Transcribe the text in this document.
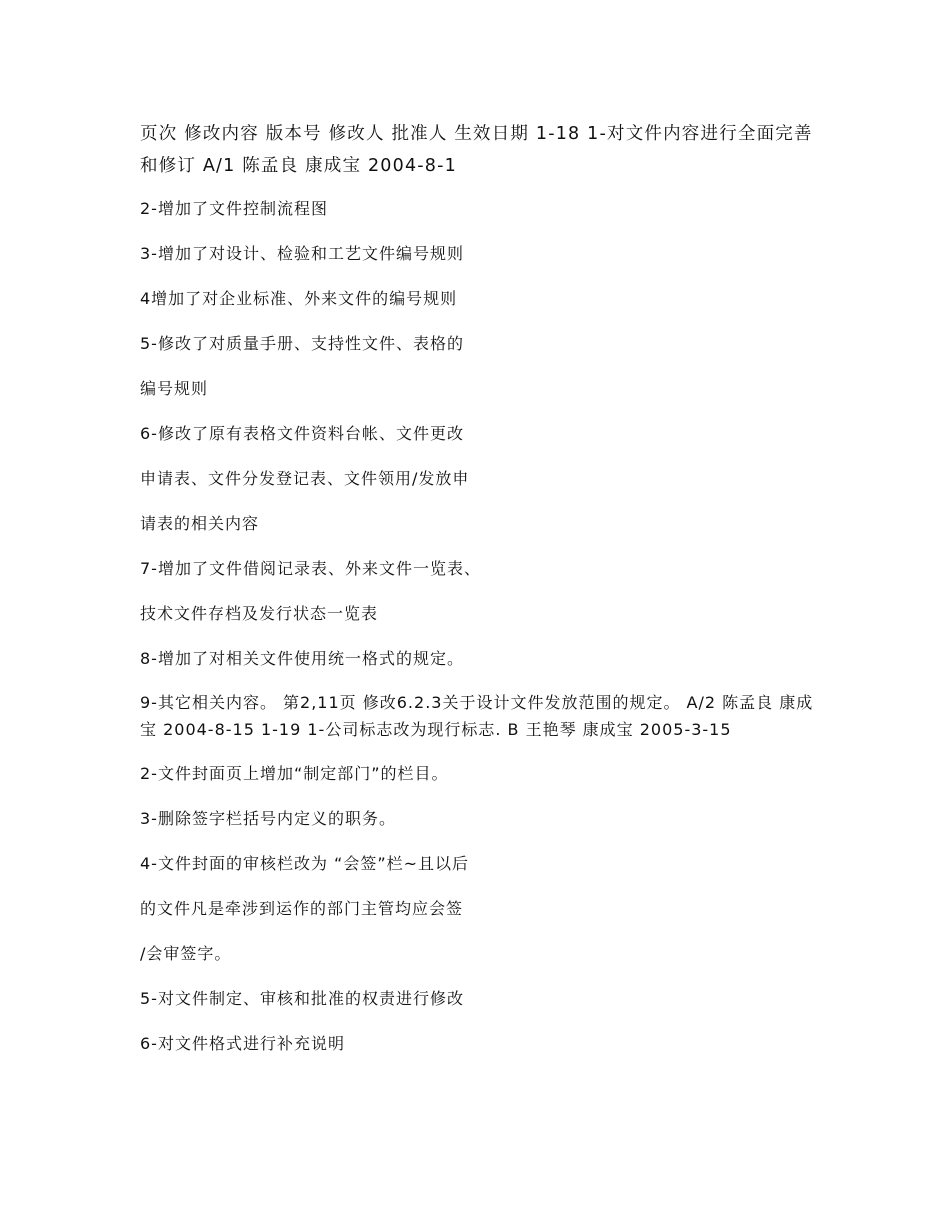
页次 修改内容 版本号 修改人 批准人 生效日期 1-18 1-对文件内容进行全面完善和修订 A/1 陈孟良 康成宝 2004-8-1

2-增加了文件控制流程图

3-增加了对设计、检验和工艺文件编号规则

4增加了对企业标准、外来文件的编号规则

5-修改了对质量手册、支持性文件、表格的

编号规则

6-修改了原有表格文件资料台帐、文件更改

申请表、文件分发登记表、文件领用/发放申

请表的相关内容

7-增加了文件借阅记录表、外来文件一览表、

技术文件存档及发行状态一览表

8-增加了对相关文件使用统一格式的规定。

9-其它相关内容。 第2,11页 修改6.2.3关于设计文件发放范围的规定。 A/2 陈孟良 康成宝 2004-8-15 1-19 1-公司标志改为现行标志. B 王艳琴 康成宝 2005-3-15

2-文件封面页上增加“制定部门”的栏目。

3-删除签字栏括号内定义的职务。

4-文件封面的审核栏改为 “会签”栏~且以后

的文件凡是牵涉到运作的部门主管均应会签

/会审签字。

5-对文件制定、审核和批准的权责进行修改

6-对文件格式进行补充说明
